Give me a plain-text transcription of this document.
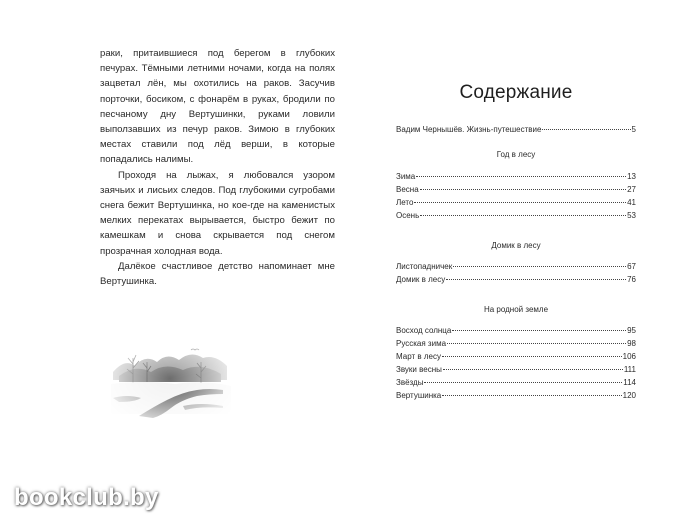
раки, притаившиеся под берегом в глубоких печурах. Тёмными летними ночами, когда на полях зацветал лён, мы охотились на раков. Засучив порточки, босиком, с фонарём в руках, бродили по песчаному дну Вертушинки, руками ловили выползавших из печур раков. Зимою в глубоких местах ставили под лёд верши, в которые попадались налимы.

Проходя на лыжах, я любовался узором заячьих и лисьих следов. Под глубокими сугробами снега бежит Вертушинка, но кое-где на каменистых мелких перекатах вырывается, быстро бежит по камешкам и снова скрывается под снегом прозрачная холодная вода.

Далёкое счастливое детство напоминает мне Вертушинка.

Содержание
Вадим Чернышёв. Жизнь-путешествие	5
Год в лесу
Зима	13
Весна	27
Лето	41
Осень	53
Домик в лесу
Листопадничек	67
Домик в лесу	76
На родной земле
Восход солнца	95
Русская зима	98
Март в лесу	106
Звуки весны	111
Звёзды	114
Вертушинка	120
bookclub.by
